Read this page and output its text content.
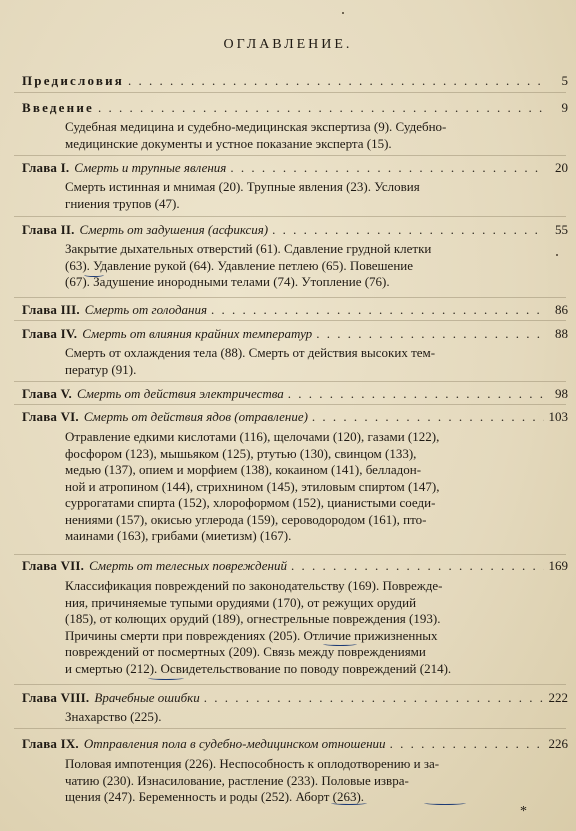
ОГЛАВЛЕНИЕ.
Предисловия . . .	5
Введение . . .	9
Судебная медицина и судебно-медицинская экспертиза (9). Судебно-
медицинские документы и устное показание эксперта (15).
Глава I. Смерть и трупные явления . . .	20
Смерть истинная и мнимая (20). Трупные явления (23). Условия
гниения трупов (47).
Глава II. Смерть от задушения (асфиксия) . . .	55
Закрытие дыхательных отверстий (61). Сдавление грудной клетки
(63). Удавление рукой (64). Удавление петлею (65). Повешение
(67). Задушение инородными телами (74). Утопление (76).
Глава III. Смерть от голодания . . .	86
Глава IV. Смерть от влияния крайних температур . . .	88
Смерть от охлаждения тела (88). Смерть от действия высоких тем-
ператур (91).
Глава V. Смерть от действия электричества . . .	98
Глава VI. Смерть от действия ядов (отравление) . . .	103
Отравление едкими кислотами (116), щелочами (120), газами (122),
фосфором (123), мышьяком (125), ртутью (130), свинцом (133),
медью (137), опием и морфием (138), кокаином (141), белладон-
ной и атропином (144), стрихнином (145), этиловым спиртом (147),
суррогатами спирта (152), хлороформом (152), цианистыми соеди-
нениями (157), окисью углерода (159), сероводородом (161), пто-
маинами (163), грибами (миетизм) (167).
Глава VII. Смерть от телесных повреждений . . .	169
Классификация повреждений по законодательству (169). Поврежде-
ния, причиняемые тупыми орудиями (170), от режущих орудий
(185), от колющих орудий (189), огнестрельные повреждения (193).
Причины смерти при повреждениях (205). Отличие прижизненных
повреждений от посмертных (209). Связь между повреждениями
и смертью (212). Освидетельствование по поводу повреждений (214).
Глава VIII. Врачебные ошибки . . .	222
Знахарство (225).
Глава IX. Отправления пола в судебно-медицинском отношении . . .	226
Половая импотенция (226). Неспособность к оплодотворению и за-
чатию (230). Изнасилование, растление (233). Половые извра-
щения (247). Беременность и роды (252). Аборт (263).
*
